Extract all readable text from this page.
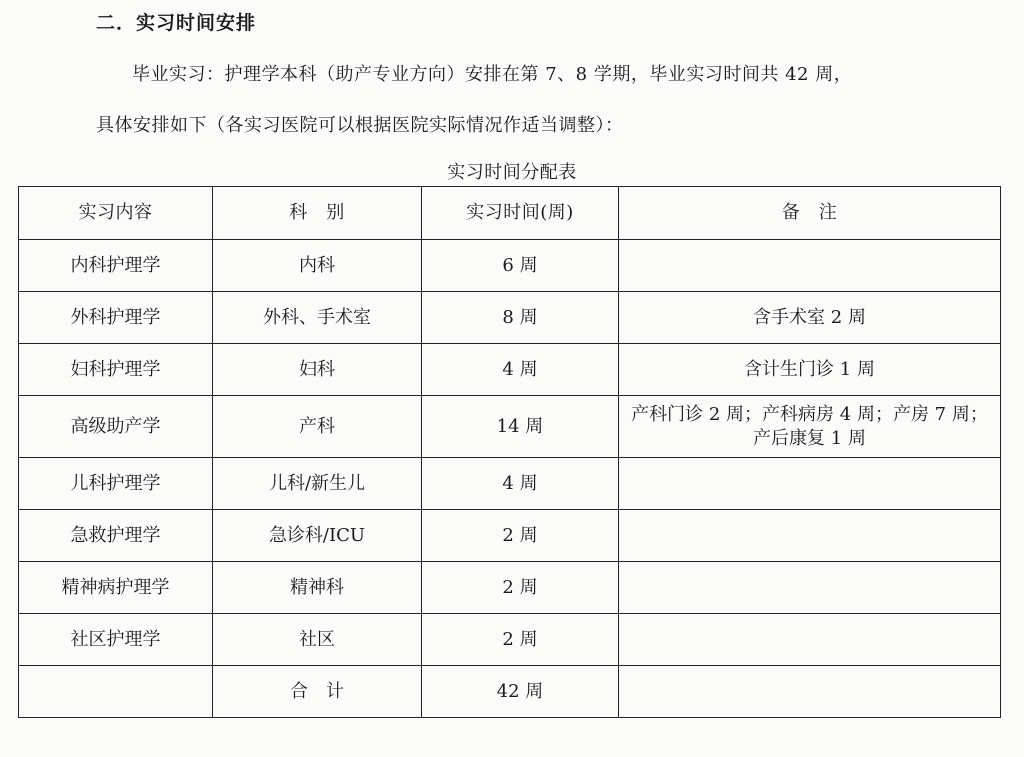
二．实习时间安排
毕业实习：护理学本科（助产专业方向）安排在第 7、8 学期，毕业实习时间共 42 周，
具体安排如下（各实习医院可以根据医院实际情况作适当调整）：
实习时间分配表
实习内容	科　别	实习时间(周)	备　注
内科护理学	内科	6 周	
外科护理学	外科、手术室	8 周	含手术室 2 周
妇科护理学	妇科	4 周	含计生门诊 1 周
高级助产学	产科	14 周	产科门诊 2 周；产科病房 4 周；产房 7 周；产后康复 1 周
儿科护理学	儿科/新生儿	4 周	
急救护理学	急诊科/ICU	2 周	
精神病护理学	精神科	2 周	
社区护理学	社区	2 周	
	合　计	42 周	
